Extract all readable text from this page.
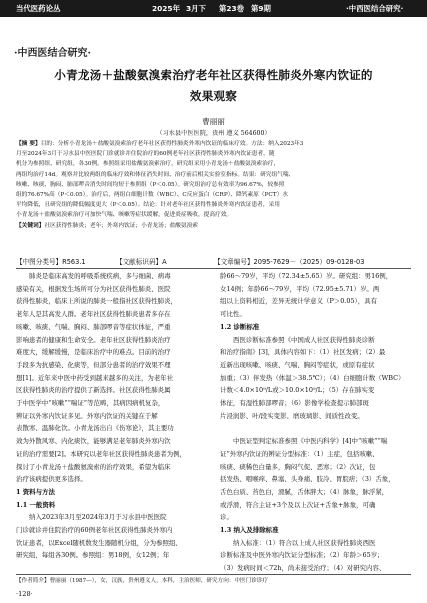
当代医药论丛	2025年 3月下 第23卷 第9期	·中西医结合研究·
·中西医结合研究·
小青龙汤＋盐酸氨溴索治疗老年社区获得性肺炎外寒内饮证的
效果观察
曹丽丽
（习水县中医医院，贵州 遵义 564600）
【摘 要】目的：分析小青龙汤＋盐酸氨溴索治疗老年社区获得性肺炎外寒内饮证的临床疗效。方法：纳入2023年3
月至2024年3月于习水县中医医院门诊就诊并住院治疗的60例老年社区获得性肺炎外寒内饮证患者，随
机分为参照组、研究组，各30例。参照组采用盐酸氨溴索治疗，研究组采用小青龙汤＋盐酸氨溴索治疗，
两组均治疗14d。观察并比较两组的临床疗效和体征消失时间、治疗前后相关实验室指标。结果：研究组气喘、
咳嗽、咳痰、胸闷、肺部啰音消失时间均短于参照组（P＜0.05）。研究组治疗总有效率为96.67%，较参照
组的76.67%高（P＜0.05）。治疗后，两组白细胞计数（WBC）、C反应蛋白（CRP）、降钙素原（PCT）水
平均降低，且研究组的降低幅度更大（P＜0.05）。结论：针对老年社区获得性肺炎外寒内饮证患者，采用
小青龙汤＋盐酸氨溴索治疗可加快气喘、咳嗽等症状缓解，促进炎症吸收，提高疗效。
【关键词】社区获得性肺炎；老年；外寒内饮证；小青龙汤；盐酸氨溴索
【中图分类号】R563.1	【文献标识码】A	【文章编号】2095-7629－（2025）09-0128-03

肺炎是临床高发的呼吸系统疾病，多与细菌、病毒

感染有关，根据发生场所可分为社区获得性肺炎、医院

获得性肺炎，临床上所说的肺炎一般指社区获得性肺炎，

老年人是其高发人群。老年社区获得性肺炎患者多存在

咳嗽、咳痰、气喘、胸闷、肺部啰音等症状体征，严重

影响患者的健康和生命安全。老年社区获得性肺炎治疗

难度大，缓解缓慢，是临床治疗中的难点。目前的治疗

手段多为抗感染、化痰等，但部分患者的治疗效果不理

想[1]。近年来中医中药受到越来越多的关注，为老年社

区获得性肺炎的治疗提供了新选择。社区获得性肺炎属

于中医学中“咳嗽”“喘证”等范畴，其病因病机复杂，

辨证以外寒内饮证多见。外寒内饮证的关键在于解

表散寒、温肺化饮。小青龙汤出自《伤寒论》，其主要功

效为外散风寒、内化痰饮，能够满足老年肺炎外寒内饮

证的治疗需要[2]。本研究以老年社区获得性肺炎患者为例，

探讨了小青龙汤＋盐酸氨溴索的治疗效果，希望为临床

治疗该病提供更多选择。

1 资料与方法

1.1 一般资料

纳入2023年3月至2024年3月于习水县中医医院

门诊就诊并住院治疗的60例老年社区获得性肺炎外寒内

饮证患者，以Excel随机数发生器随机分组，分为参照组、

研究组，每组各30例。参照组：男18例，女12例；年

龄66～79岁，平均（72.34±5.65）岁。研究组：男16例，

女14例；年龄66～79岁，平均（72.95±5.71）岁。两

组以上资料相近，差异无统计学意义（P＞0.05），具有

可比性。

1.2 诊断标准

西医诊断标准参照《中国成人社区获得性肺炎诊断

和治疗指南》[3]，具体内容如下：（1）社区发病；（2）最

近新出现咳嗽、咳痰、气喘、胸闷等症状，或原有症状

加重；（3）伴发热（体温＞38.5℃）；（4）白细胞计数（WBC）

计数＜4.0×10⁹/L或＞10.0×10⁹/L；（5）存在肺实变

体征，有湿性肺部啰音；（6）影像学检查提示肺部斑

片浸润影、叶/段实变影、磨玻璃影、间质性改变。

中医证型判定标准参照《中医内科学》[4]中“咳嗽”“喘

证”外寒内饮证的辨证分型标准：（1）主症，包括咳嗽、

咳痰、痰稀色白量多，胸闷气促、恶寒；（2）次证，包

括发热、咽喉痒、鼻塞、头身痛、肢冷、胃脘痞；（3）舌象，

舌色白质、苔色白，滑腻，舌体胖大；（4）脉象，脉浮紧，

或浮滑，符合主证+3个及以上次证+舌象+脉象，可确

诊。

1.3 纳入及排除标准

纳入标准：（1）符合以上成人社区获得性肺炎西医

诊断标准及中医外寒内饮证分型标准；（2）年龄＞65岁；

（3）发病时间＜72h，尚未接受治疗；（4）对研究内容、

【作者简介】曹丽丽（1987—），女，汉族，贵州遵义人，本科，主治医师，研究方向：中医门诊诊疗
·128·
